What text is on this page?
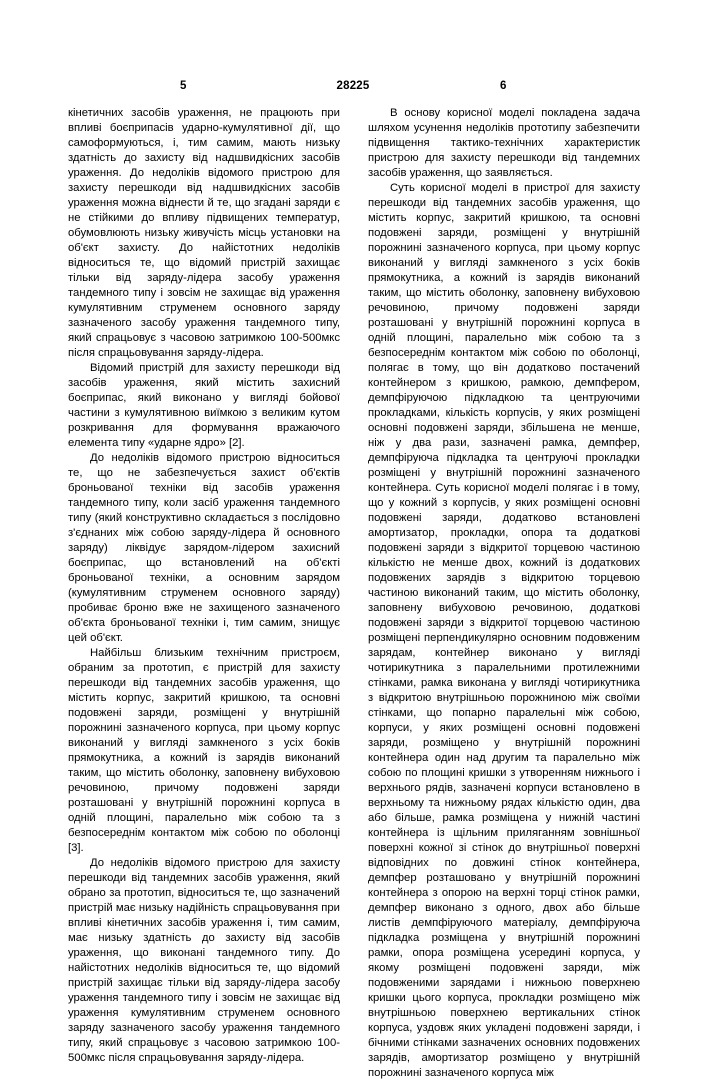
5	28225	6

кінетичних засобів ураження, не працюють при впливі боєприпасів ударно-кумулятивної дії, що самоформуються, і, тим самим, мають низьку здатність до захисту від надшвидкісних засобів ураження. До недоліків відомого пристрою для захисту перешкоди від надшвидкісних засобів ураження можна віднести й те, що згадані заряди є не стійкими до впливу підвищених температур, обумовлюють низьку живучість місць установки на об'єкт захисту. До найістотних недоліків відноситься те, що відомий пристрій захищає тільки від заряду-лідера засобу ураження тандемного типу і зовсім не захищає від ураження кумулятивним струменем основного заряду зазначеного засобу ураження тандемного типу, який спрацьовує з часовою затримкою 100-500мкс після спрацьовування заряду-лідера.

Відомий пристрій для захисту перешкоди від засобів ураження, який містить захисний боєприпас, який виконано у вигляді бойової частини з кумулятивною виїмкою з великим кутом розкривання для формування вражаючого елемента типу «ударне ядро» [2].

До недоліків відомого пристрою відноситься те, що не забезпечується захист об'єктів броньованої техніки від засобів ураження тандемного типу, коли засіб ураження тандемного типу (який конструктивно складається з послідовно з'єднаних між собою заряду-лідера й основного заряду) ліквідує зарядом-лідером захисний боєприпас, що встановлений на об'єкті броньованої техніки, а основним зарядом (кумулятивним струменем основного заряду) пробиває броню вже не захищеного зазначеного об'єкта броньованої техніки і, тим самим, знищує цей об'єкт.

Найбільш близьким технічним пристроєм, обраним за прототип, є пристрій для захисту перешкоди від тандемних засобів ураження, що містить корпус, закритий кришкою, та основні подовжені заряди, розміщені у внутрішній порожнині зазначеного корпуса, при цьому корпус виконаний у вигляді замкненого з усіх боків прямокутника, а кожний із зарядів виконаний таким, що містить оболонку, заповнену вибуховою речовиною, причому подовжені заряди розташовані у внутрішній порожнині корпуса в одній площині, паралельно між собою та з безпосереднім контактом між собою по оболонці [3].

До недоліків відомого пристрою для захисту перешкоди від тандемних засобів ураження, який обрано за прототип, відноситься те, що зазначений пристрій має низьку надійність спрацьовування при впливі кінетичних засобів ураження і, тим самим, має низьку здатність до захисту від засобів ураження, що виконані тандемного типу. До найістотних недоліків відноситься те, що відомий пристрій захищає тільки від заряду-лідера засобу ураження тандемного типу і зовсім не захищає від ураження кумулятивним струменем основного заряду зазначеного засобу ураження тандемного типу, який спрацьовує з часовою затримкою 100-500мкс після спрацьовування заряду-лідера.

В основу корисної моделі покладена задача шляхом усунення недоліків прототипу забезпечити підвищення тактико-технічних характеристик пристрою для захисту перешкоди від тандемних засобів ураження, що заявляється.

Суть корисної моделі в пристрої для захисту перешкоди від тандемних засобів ураження, що містить корпус, закритий кришкою, та основні подовжені заряди, розміщені у внутрішній порожнині зазначеного корпуса, при цьому корпус виконаний у вигляді замкненого з усіх боків прямокутника, а кожний із зарядів виконаний таким, що містить оболонку, заповнену вибуховою речовиною, причому подовжені заряди розташовані у внутрішній порожнині корпуса в одній площині, паралельно між собою та з безпосереднім контактом між собою по оболонці, полягає в тому, що він додатково постачений контейнером з кришкою, рамкою, демпфером, демпфіруючою підкладкою та центруючими прокладками, кількість корпусів, у яких розміщені основні подовжені заряди, збільшена не менше, ніж у два рази, зазначені рамка, демпфер, демпфіруюча підкладка та центруючі прокладки розміщені у внутрішній порожнині зазначеного контейнера. Суть корисної моделі полягає і в тому, що у кожний з корпусів, у яких розміщені основні подовжені заряди, додатково встановлені амортизатор, прокладки, опора та додаткові подовжені заряди з відкритої торцевою частиною кількістю не менше двох, кожний із додаткових подовжених зарядів з відкритою торцевою частиною виконаний таким, що містить оболонку, заповнену вибуховою речовиною, додаткові подовжені заряди з відкритої торцевою частиною розміщені перпендикулярно основним подовженим зарядам, контейнер виконано у вигляді чотирикутника з паралельними протилежними стінками, рамка виконана у вигляді чотирикутника з відкритою внутрішньою порожниною між своїми стінками, що попарно паралельні між собою, корпуси, у яких розміщені основні подовжені заряди, розміщено у внутрішній порожнині контейнера один над другим та паралельно між собою по площині кришки з утворенням нижнього і верхнього рядів, зазначені корпуси встановлено в верхньому та нижньому рядах кількістю один, два або більше, рамка розміщена у нижній частині контейнера із щільним приляганням зовнішньої поверхні кожної зі стінок до внутрішньої поверхні відповідних по довжині стінок контейнера, демпфер розташовано у внутрішній порожнині контейнера з опорою на верхні торці стінок рамки, демпфер виконано з одного, двох або більше листів демпфіруючого матеріалу, демпфіруюча підкладка розміщена у внутрішній порожнині рамки, опора розміщена усередині корпуса, у якому розміщені подовжені заряди, між подовженими зарядами і нижньою поверхнею кришки цього корпуса, прокладки розміщено між внутрішньою поверхнею вертикальних стінок корпуса, уздовж яких укладені подовжені заряди, і бічними стінками зазначених основних подовжених зарядів, амортизатор розміщено у внутрішній порожнині зазначеного корпуса між
